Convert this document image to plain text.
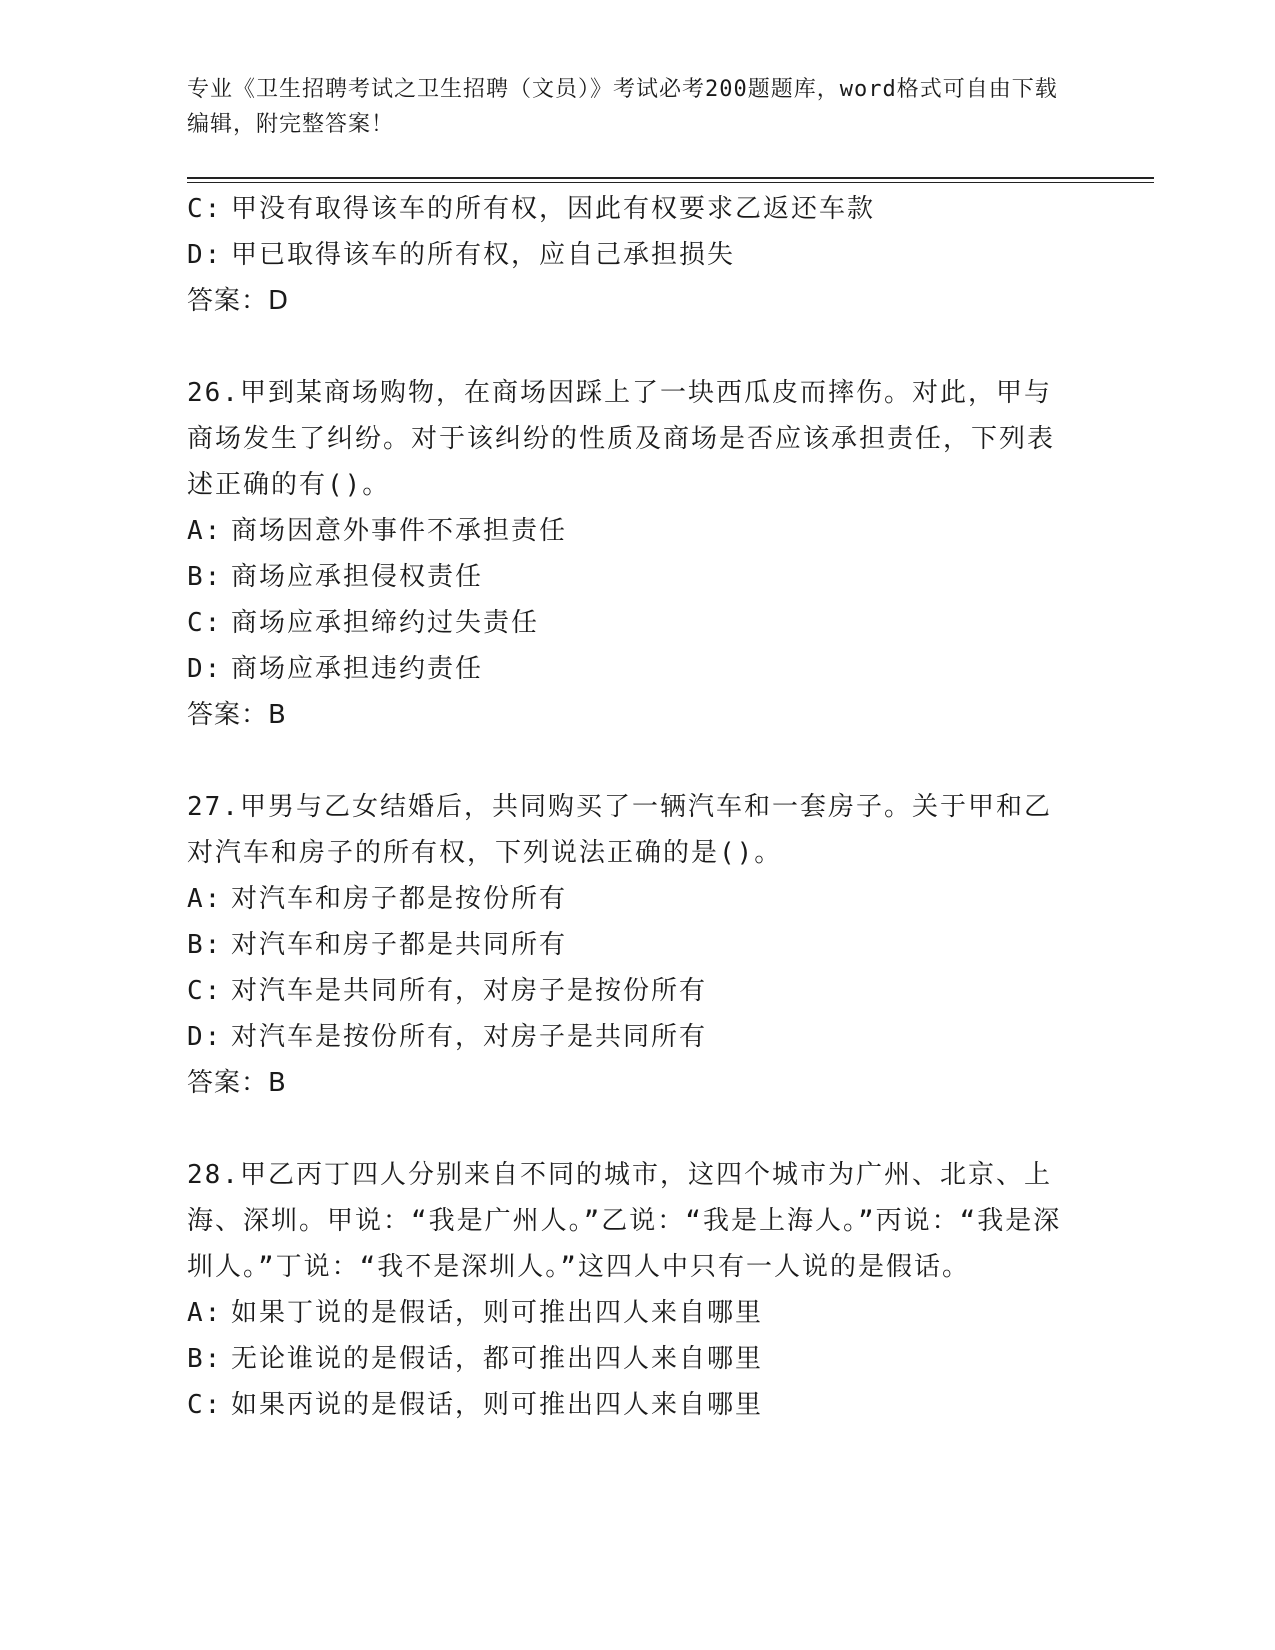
专业《卫生招聘考试之卫生招聘（文员）》考试必考200题题库，word格式可自由下载编辑，附完整答案！
C: 甲没有取得该车的所有权，因此有权要求乙返还车款
D: 甲已取得该车的所有权，应自己承担损失
答案：D
26.甲到某商场购物，在商场因踩上了一块西瓜皮而摔伤。对此，甲与商场发生了纠纷。对于该纠纷的性质及商场是否应该承担责任，下列表述正确的有()。
A: 商场因意外事件不承担责任
B: 商场应承担侵权责任
C: 商场应承担缔约过失责任
D: 商场应承担违约责任
答案：B
27.甲男与乙女结婚后，共同购买了一辆汽车和一套房子。关于甲和乙对汽车和房子的所有权，下列说法正确的是()。
A: 对汽车和房子都是按份所有
B: 对汽车和房子都是共同所有
C: 对汽车是共同所有，对房子是按份所有
D: 对汽车是按份所有，对房子是共同所有
答案：B
28.甲乙丙丁四人分别来自不同的城市，这四个城市为广州、北京、上海、深圳。甲说：“我是广州人。”乙说：“我是上海人。”丙说：“我是深圳人。”丁说：“我不是深圳人。”这四人中只有一人说的是假话。
A: 如果丁说的是假话，则可推出四人来自哪里
B: 无论谁说的是假话，都可推出四人来自哪里
C: 如果丙说的是假话，则可推出四人来自哪里
